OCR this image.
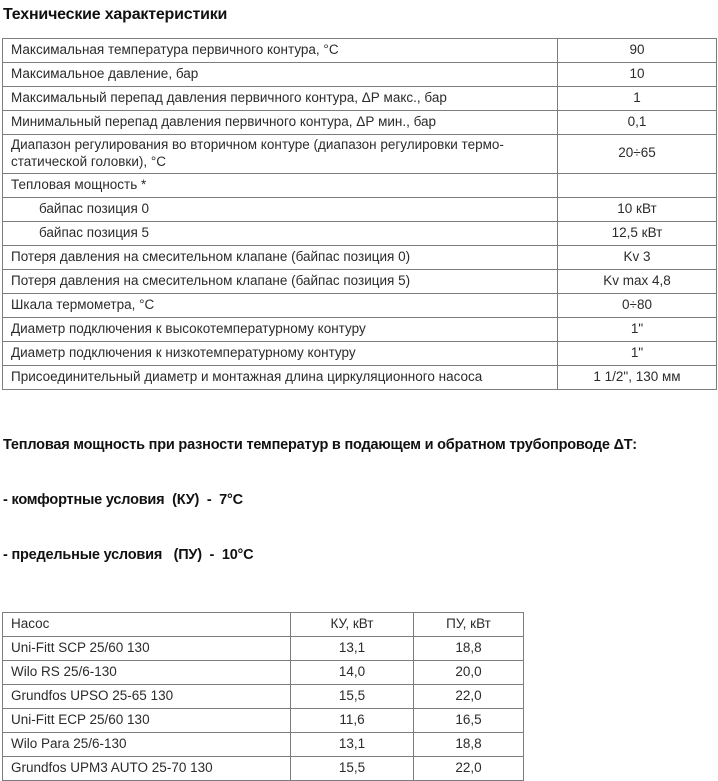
Технические характеристики
Максимальная температура первичного контура, °С	90
Максимальное давление, бар	10
Максимальный перепад давления первичного контура, ΔР макс., бар	1
Минимальный перепад давления первичного контура, ΔР мин., бар	0,1
Диапазон регулирования во вторичном контуре (диапазон регулировки термо-статической головки), °С	20÷65
Тепловая мощность *	
байпас позиция 0	10 кВт
байпас позиция 5	12,5 кВт
Потеря давления на смесительном клапане (байпас позиция 0)	Kv 3
Потеря давления на смесительном клапане (байпас позиция 5)	Kv max 4,8
Шкала термометра, °С	0÷80
Диаметр подключения к высокотемпературному контуру	1"
Диаметр подключения к низкотемпературному контуру	1"
Присоединительный диаметр и монтажная длина циркуляционного насоса	1 1/2", 130 мм

Тепловая мощность при разности температур в подающем и обратном трубопроводе ΔТ:

- комфортные условия  (КУ)  -  7°С

- предельные условия   (ПУ)  -  10°С

Насос	КУ, кВт	ПУ, кВт
Uni-Fitt SCP 25/60 130	13,1	18,8
Wilo RS 25/6-130	14,0	20,0
Grundfos UPSO 25-65 130	15,5	22,0
Uni-Fitt ECP 25/60 130	11,6	16,5
Wilo Para 25/6-130	13,1	18,8
Grundfos UPM3 AUTO 25-70 130	15,5	22,0
